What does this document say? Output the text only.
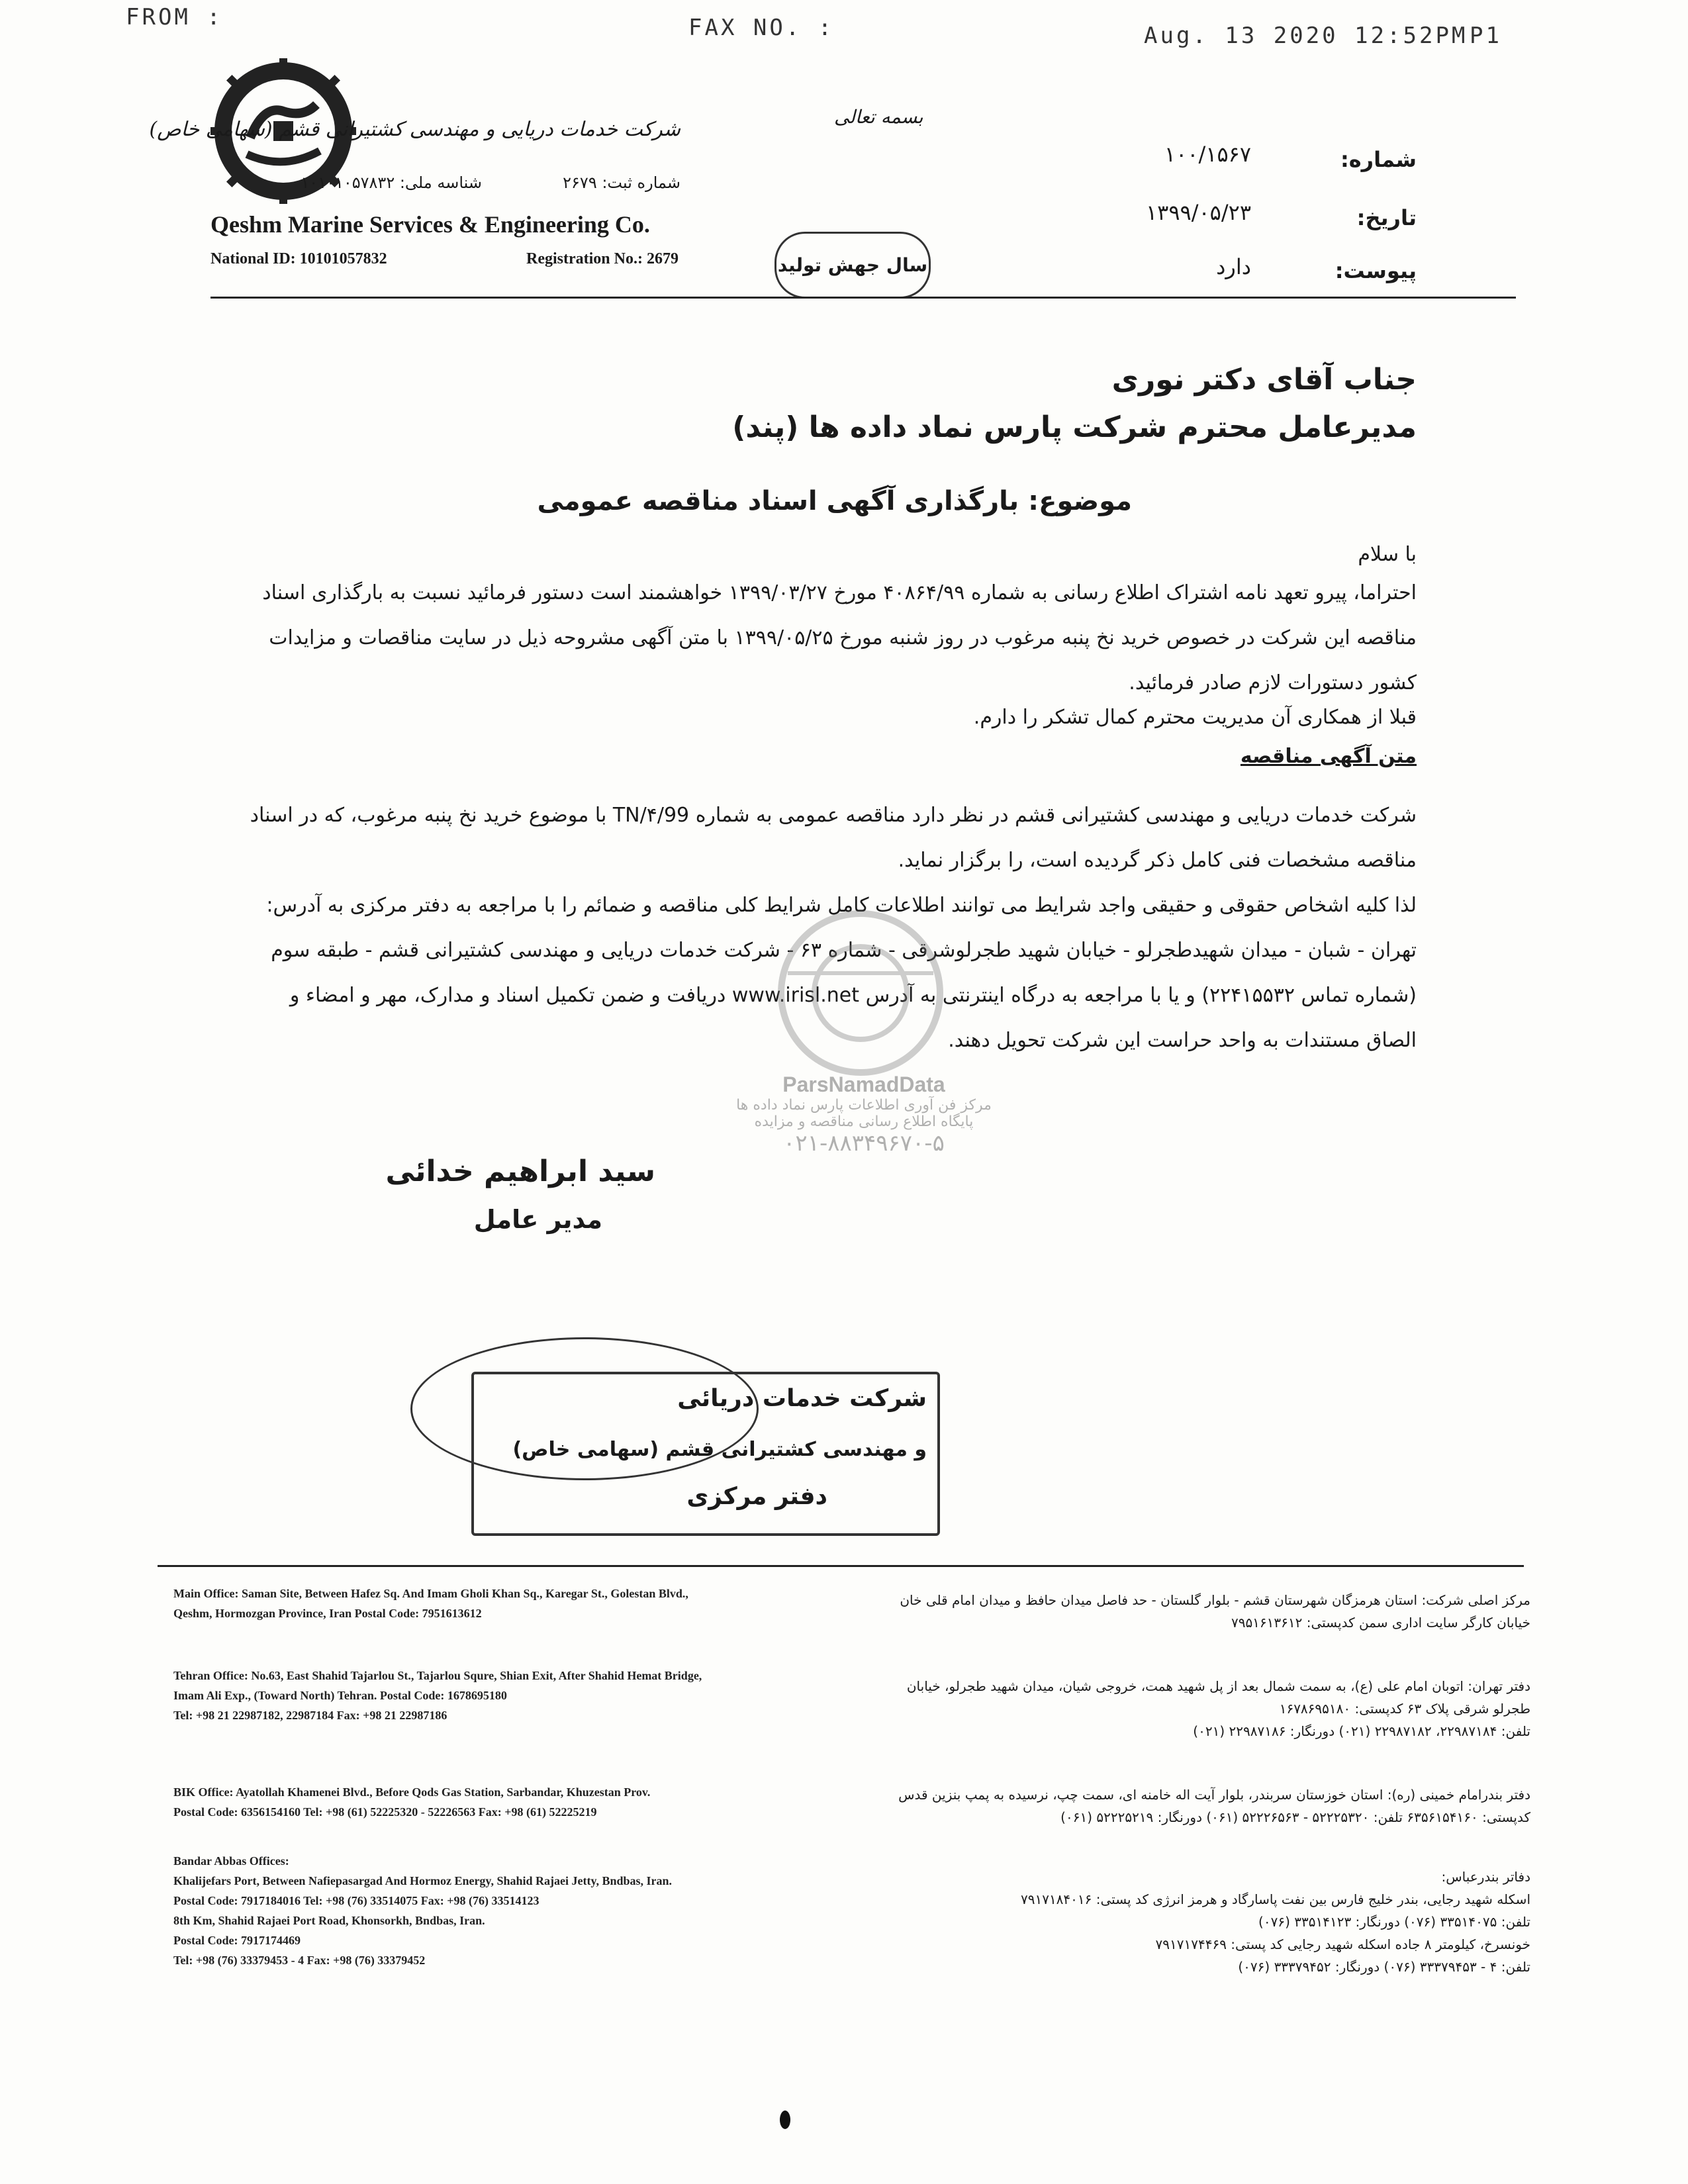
FROM :	FAX NO. :	Aug. 13 2020 12:52PM P1
بسمه تعالی
شرکت خدمات دریایی و مهندسی کشتیرانی قشم (سهامی خاص)
شناسه ملی: ۱۰۱۰۱۰۵۷۸۳۲	شماره ثبت: ۲۶۷۹
Qeshm Marine Services & Engineering Co.
National ID: 10101057832	Registration No.: 2679	سال جهش تولید
شماره:
۱۰۰/۱۵۶۷
تاریخ:
۱۳۹۹/۰۵/۲۳
پیوست:
دارد
جناب آقای دکتر نوری
مدیرعامل محترم شرکت پارس نماد داده ها (پند)
موضوع: بارگذاری آگهی اسناد مناقصه عمومی
با سلام
احتراما، پیرو تعهد نامه اشتراک اطلاع رسانی به شماره ۴۰۸۶۴/۹۹ مورخ ۱۳۹۹/۰۳/۲۷ خواهشمند است دستور فرمائید نسبت به بارگذاری اسناد مناقصه این شرکت در خصوص خرید نخ پنبه مرغوب در روز شنبه مورخ ۱۳۹۹/۰۵/۲۵ با متن آگهی مشروحه ذیل در سایت مناقصات و مزایدات کشور دستورات لازم صادر فرمائید.
قبلا از همکاری آن مدیریت محترم کمال تشکر را دارم.
متن آگهی مناقصه
شرکت خدمات دریایی و مهندسی کشتیرانی قشم در نظر دارد مناقصه عمومی به شماره 99/TN/۴ با موضوع خرید نخ پنبه مرغوب، که در اسناد مناقصه مشخصات فنی کامل ذکر گردیده است، را برگزار نماید.
لذا کلیه اشخاص حقوقی و حقیقی واجد شرایط می توانند اطلاعات کامل شرایط کلی مناقصه و ضمائم را با مراجعه به دفتر مرکزی به آدرس: تهران - شبان - میدان شهیدطجرلو - خیابان شهید طجرلوشرقی - شماره ۶۳ - شرکت خدمات دریایی و مهندسی کشتیرانی قشم - طبقه سوم (شماره تماس ۲۲۴۱۵۵۳۲) و یا با مراجعه به درگاه اینترنتی به آدرس www.irisl.net دریافت و ضمن تکمیل اسناد و مدارک، مهر و امضاء و الصاق مستندات به واحد حراست این شرکت تحویل دهند.
ParsNamadData
مرکز فن آوری اطلاعات پارس نماد داده ها
پایگاه اطلاع رسانی مناقصه و مزایده
۰۲۱-۸۸۳۴۹۶۷۰-۵
سید ابراهیم خدائی
مدیر عامل
شرکت خدمات دریائی
و مهندسی کشتیرانی قشم (سهامی خاص)
دفتر مرکزی
Main Office: Saman Site, Between Hafez Sq. And Imam Gholi Khan Sq., Karegar St., Golestan Blvd.,
Qeshm, Hormozgan Province, Iran Postal Code: 7951613612
Tehran Office: No.63, East Shahid Tajarlou St., Tajarlou Squre, Shian Exit, After Shahid Hemat Bridge,
Imam Ali Exp., (Toward North) Tehran. Postal Code: 1678695180
Tel: +98 21 22987182, 22987184 Fax: +98 21 22987186
BIK Office: Ayatollah Khamenei Blvd., Before Qods Gas Station, Sarbandar, Khuzestan Prov.
Postal Code: 6356154160 Tel: +98 (61) 52225320 - 52226563 Fax: +98 (61) 52225219
Bandar Abbas Offices:
Khalijefars Port, Between Nafiepasargad And Hormoz Energy, Shahid Rajaei Jetty, Bndbas, Iran.
Postal Code: 7917184016 Tel: +98 (76) 33514075 Fax: +98 (76) 33514123
8th Km, Shahid Rajaei Port Road, Khonsorkh, Bndbas, Iran.
Postal Code: 7917174469
Tel: +98 (76) 33379453 - 4 Fax: +98 (76) 33379452
مرکز اصلی شرکت: استان هرمزگان شهرستان قشم - بلوار گلستان - حد فاصل میدان حافظ و میدان امام قلی خان
خیابان کارگر سایت اداری سمن کدپستی: ۷۹۵۱۶۱۳۶۱۲
دفتر تهران: اتوبان امام علی (ع)، به سمت شمال بعد از پل شهید همت، خروجی شیان، میدان شهید طجرلو، خیابان
طجرلو شرقی پلاک ۶۳ کدپستی: ۱۶۷۸۶۹۵۱۸۰
تلفن: ۲۲۹۸۷۱۸۴، ۲۲۹۸۷۱۸۲ (۰۲۱) دورنگار: ۲۲۹۸۷۱۸۶ (۰۲۱)
دفتر بندرامام خمینی (ره): استان خوزستان سربندر، بلوار آیت اله خامنه ای، سمت چپ، نرسیده به پمپ بنزین قدس
کدپستی: ۶۳۵۶۱۵۴۱۶۰ تلفن: ۵۲۲۲۵۳۲۰ - ۵۲۲۲۶۵۶۳ (۰۶۱) دورنگار: ۵۲۲۲۵۲۱۹ (۰۶۱)
دفاتر بندرعباس:
اسکله شهید رجایی، بندر خلیج فارس بین نفت پاسارگاد و هرمز انرژی کد پستی: ۷۹۱۷۱۸۴۰۱۶
تلفن: ۳۳۵۱۴۰۷۵ (۰۷۶) دورنگار: ۳۳۵۱۴۱۲۳ (۰۷۶)
خونسرخ، کیلومتر ۸ جاده اسکله شهید رجایی کد پستی: ۷۹۱۷۱۷۴۴۶۹
تلفن: ۴ - ۳۳۳۷۹۴۵۳ (۰۷۶) دورنگار: ۳۳۳۷۹۴۵۲ (۰۷۶)
